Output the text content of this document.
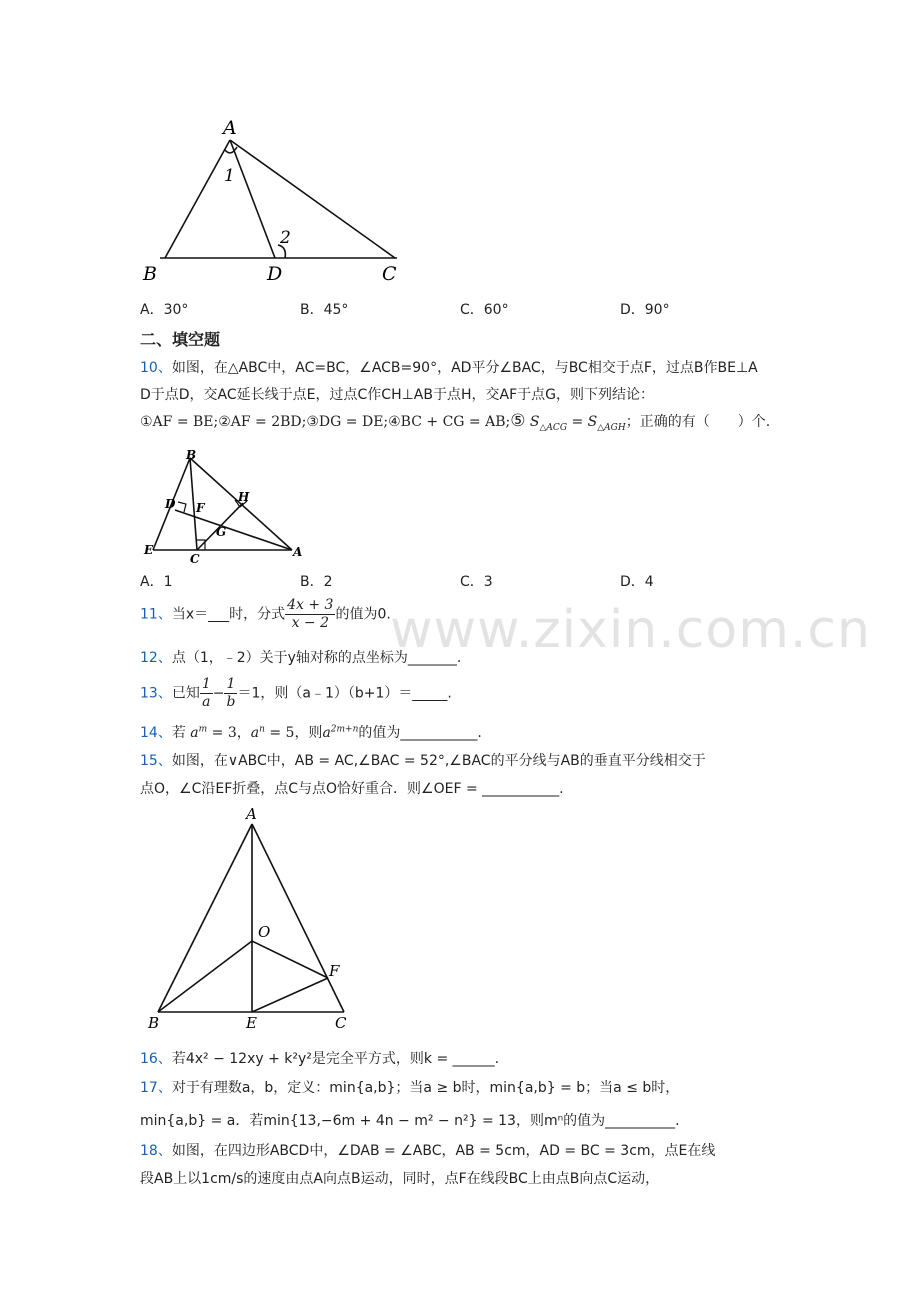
www.zixin.com.cn
A
1
2
B	D	C
A．30°	B．45°	C．60°	D．90°
二、填空题
10、如图，在△ABC中，AC=BC，∠ACB=90°，AD平分∠BAC，与BC相交于点F，过点B作BE⊥A
D于点D，交AC延长线于点E，过点C作CH⊥AB于点H，交AF于点G，则下列结论：
①AF = BE;②AF = 2BD;③DG = DE;④BC + CG = AB;⑤ $S_{\triangle ACG} = S_{\triangle AGH}$；正确的有（　　）个.
B
D F
H
G
E
C	A
A．1	B．2	C．3	D．4
11、当x＝___时，分式 $\frac{4x + 3}{x - 2}$ 的值为0.
12、点（1，﹣2）关于y轴对称的点坐标为_______.
13、已知 $\frac{1}{a} - \frac{1}{b} =1$，则（a﹣1）（b+1）＝_____.
14、若 $a^m = 3$，$a^n = 5$，则$a^{2m+n}$的值为___________.
15、如图，在∨ABC中，AB = AC,∠BAC = 52°,∠BAC的平分线与AB的垂直平分线相交于
点O，∠C沿EF折叠，点C与点O恰好重合．则∠OEF = ___________.
A
O
F
B	E	C
16、若4x² − 12xy + k²y²是完全平方式，则k = ______.
17、对于有理数a，b，定义：min{a,b}；当a ≥ b时，min{a,b} = b；当a ≤ b时，
min{a,b} = a．若min{13,−6m + 4n − m² − n²} = 13，则mⁿ的值为__________.
18、如图，在四边形ABCD中，∠DAB = ∠ABC，AB = 5cm，AD = BC = 3cm，点E在线
段AB上以1cm/s的速度由点A向点B运动，同时，点F在线段BC上由点B向点C运动，
